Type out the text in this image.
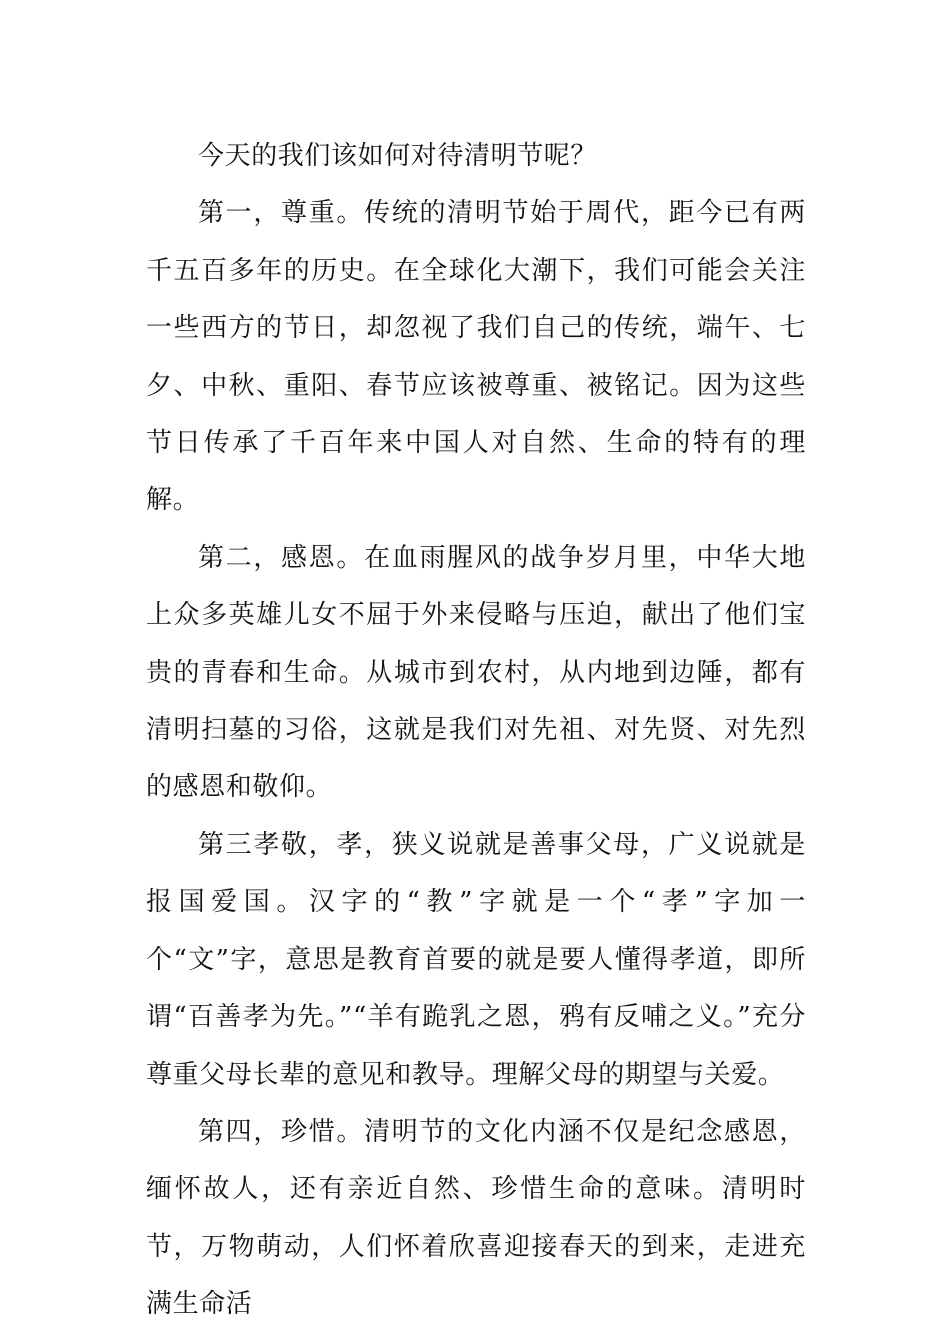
今天的我们该如何对待清明节呢？

第一，尊重。传统的清明节始于周代，距今已有两千五百多年的历史。在全球化大潮下，我们可能会关注一些西方的节日，却忽视了我们自己的传统，端午、七夕、中秋、重阳、春节应该被尊重、被铭记。因为这些节日传承了千百年来中国人对自然、生命的特有的理解。

第二，感恩。在血雨腥风的战争岁月里，中华大地上众多英雄儿女不屈于外来侵略与压迫，献出了他们宝贵的青春和生命。从城市到农村，从内地到边陲，都有清明扫墓的习俗，这就是我们对先祖、对先贤、对先烈的感恩和敬仰。

第三孝敬，孝，狭义说就是善事父母，广义说就是报国爱国。汉字的“教”字就是一个“孝”字加一个“文”字，意思是教育首要的就是要人懂得孝道，即所谓“百善孝为先。”“羊有跪乳之恩，鸦有反哺之义。”充分尊重父母长辈的意见和教导。理解父母的期望与关爱。

第四，珍惜。清明节的文化内涵不仅是纪念感恩，缅怀故人，还有亲近自然、珍惜生命的意味。清明时节，万物萌动，人们怀着欣喜迎接春天的到来，走进充满生命活
